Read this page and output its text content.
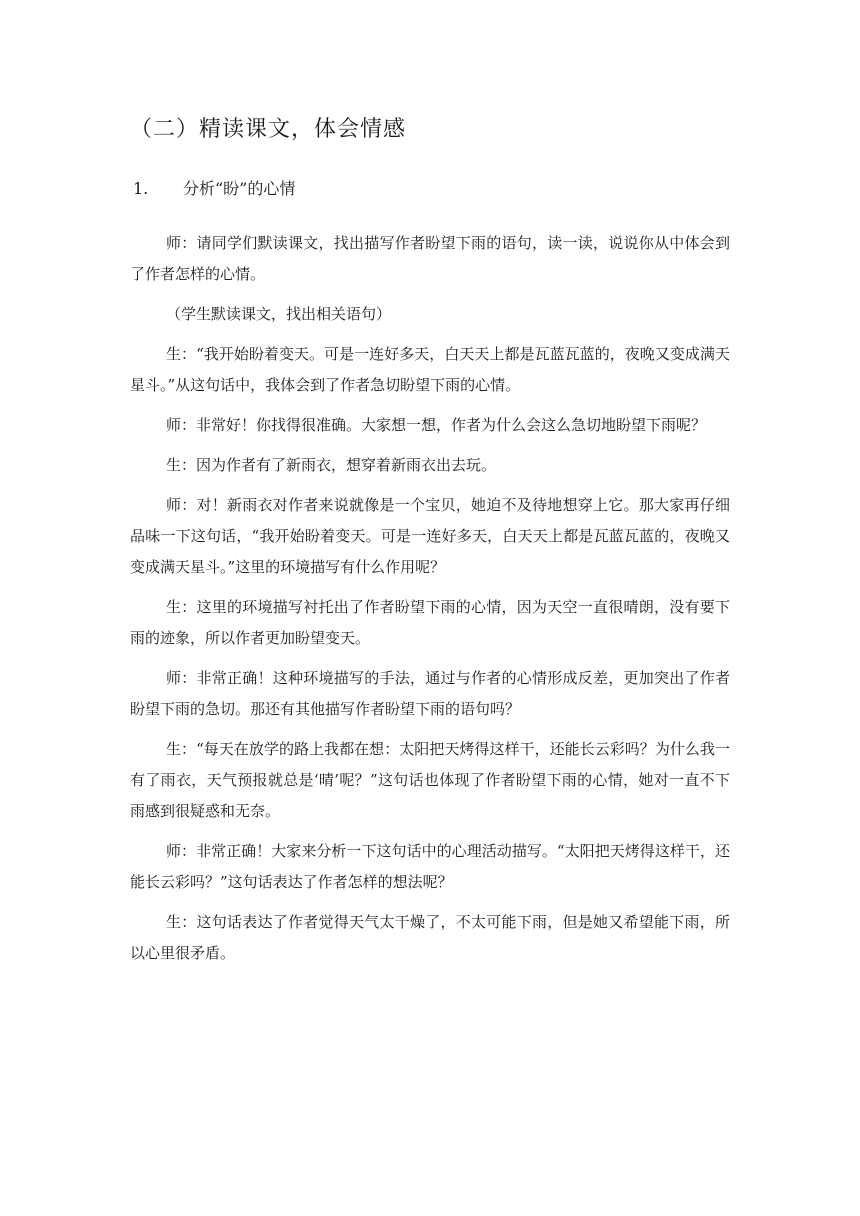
（二）精读课文，体会情感
1. 分析“盼”的心情

师：请同学们默读课文，找出描写作者盼望下雨的语句，读一读，说说你从中体会到了作者怎样的心情。

（学生默读课文，找出相关语句）

生：“我开始盼着变天。可是一连好多天，白天天上都是瓦蓝瓦蓝的，夜晚又变成满天星斗。”从这句话中，我体会到了作者急切盼望下雨的心情。

师：非常好！你找得很准确。大家想一想，作者为什么会这么急切地盼望下雨呢？

生：因为作者有了新雨衣，想穿着新雨衣出去玩。

师：对！新雨衣对作者来说就像是一个宝贝，她迫不及待地想穿上它。那大家再仔细品味一下这句话，“我开始盼着变天。可是一连好多天，白天天上都是瓦蓝瓦蓝的，夜晚又变成满天星斗。”这里的环境描写有什么作用呢？

生：这里的环境描写衬托出了作者盼望下雨的心情，因为天空一直很晴朗，没有要下雨的迹象，所以作者更加盼望变天。

师：非常正确！这种环境描写的手法，通过与作者的心情形成反差，更加突出了作者盼望下雨的急切。那还有其他描写作者盼望下雨的语句吗？

生：“每天在放学的路上我都在想：太阳把天烤得这样干，还能长云彩吗？为什么我一有了雨衣，天气预报就总是‘晴’呢？”这句话也体现了作者盼望下雨的心情，她对一直不下雨感到很疑惑和无奈。

师：非常正确！大家来分析一下这句话中的心理活动描写。“太阳把天烤得这样干，还能长云彩吗？”这句话表达了作者怎样的想法呢？

生：这句话表达了作者觉得天气太干燥了，不太可能下雨，但是她又希望能下雨，所以心里很矛盾。
